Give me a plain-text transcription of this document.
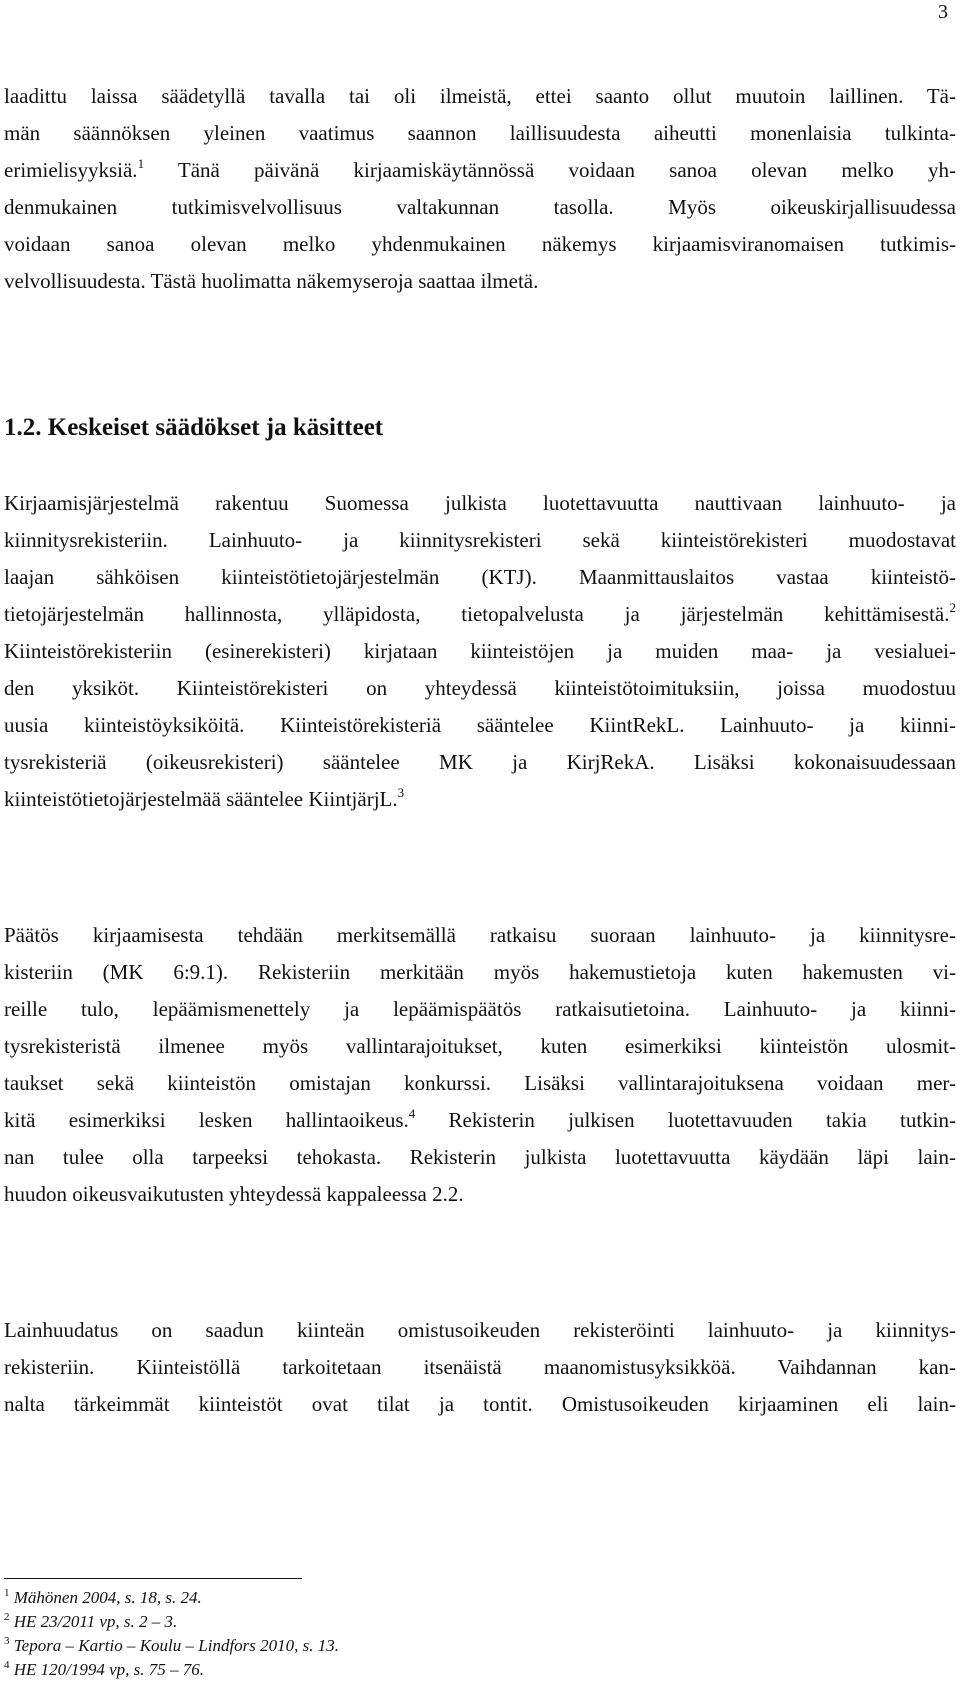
3
laadittu laissa säädetyllä tavalla tai oli ilmeistä, ettei saanto ollut muutoin laillinen. Tä-
män säännöksen yleinen vaatimus saannon laillisuudesta aiheutti monenlaisia tulkinta-
erimielisyyksiä.$^1$ Tänä päivänä kirjaamiskäytännössä voidaan sanoa olevan melko yh-
denmukainen tutkimisvelvollisuus valtakunnan tasolla. Myös oikeuskirjallisuudessa
voidaan sanoa olevan melko yhdenmukainen näkemys kirjaamisviranomaisen tutkimis-
velvollisuudesta. Tästä huolimatta näkemyseroja saattaa ilmetä.
Kirjaamisjärjestelmä rakentuu Suomessa julkista luotettavuutta nauttivaan lainhuuto- ja
kiinnitysrekisteriin. Lainhuuto- ja kiinnitysrekisteri sekä kiinteistörekisteri muodostavat
laajan sähköisen kiinteistötietojärjestelmän (KTJ). Maanmittauslaitos vastaa kiinteistö-
tietojärjestelmän hallinnosta, ylläpidosta, tietopalvelusta ja järjestelmän kehittämisestä.$^2$
Kiinteistörekisteriin (esinerekisteri) kirjataan kiinteistöjen ja muiden maa- ja vesialuei-
den yksiköt. Kiinteistörekisteri on yhteydessä kiinteistötoimituksiin, joissa muodostuu
uusia kiinteistöyksiköitä. Kiinteistörekisteriä sääntelee KiintRekL. Lainhuuto- ja kiinni-
tysrekisteriä (oikeusrekisteri) sääntelee MK ja KirjRekA. Lisäksi kokonaisuudessaan
kiinteistötietojärjestelmää sääntelee KiintjärjL.$^3$
Päätös kirjaamisesta tehdään merkitsemällä ratkaisu suoraan lainhuuto- ja kiinnitysre-
kisteriin (MK 6:9.1). Rekisteriin merkitään myös hakemustietoja kuten hakemusten vi-
reille tulo, lepäämismenettely ja lepäämispäätös ratkaisutietoina. Lainhuuto- ja kiinni-
tysrekisteristä ilmenee myös vallintarajoitukset, kuten esimerkiksi kiinteistön ulosmit-
taukset sekä kiinteistön omistajan konkurssi. Lisäksi vallintarajoituksena voidaan mer-
kitä esimerkiksi lesken hallintaoikeus.$^4$ Rekisterin julkisen luotettavuuden takia tutkin-
nan tulee olla tarpeeksi tehokasta. Rekisterin julkista luotettavuutta käydään läpi lain-
huudon oikeusvaikutusten yhteydessä kappaleessa 2.2.
Lainhuudatus on saadun kiinteän omistusoikeuden rekisteröinti lainhuuto- ja kiinnitys-
rekisteriin. Kiinteistöllä tarkoitetaan itsenäistä maanomistusyksikköä. Vaihdannan kan-
nalta tärkeimmät kiinteistöt ovat tilat ja tontit. Omistusoikeuden kirjaaminen eli lain-
1.2. Keskeiset säädökset ja käsitteet
$^1$ Mähönen 2004, s. 18, s. 24.
$^2$ HE 23/2011 vp, s. 2 – 3.
$^3$ Tepora – Kartio – Koulu – Lindfors 2010, s. 13.
$^4$ HE 120/1994 vp, s. 75 – 76.
